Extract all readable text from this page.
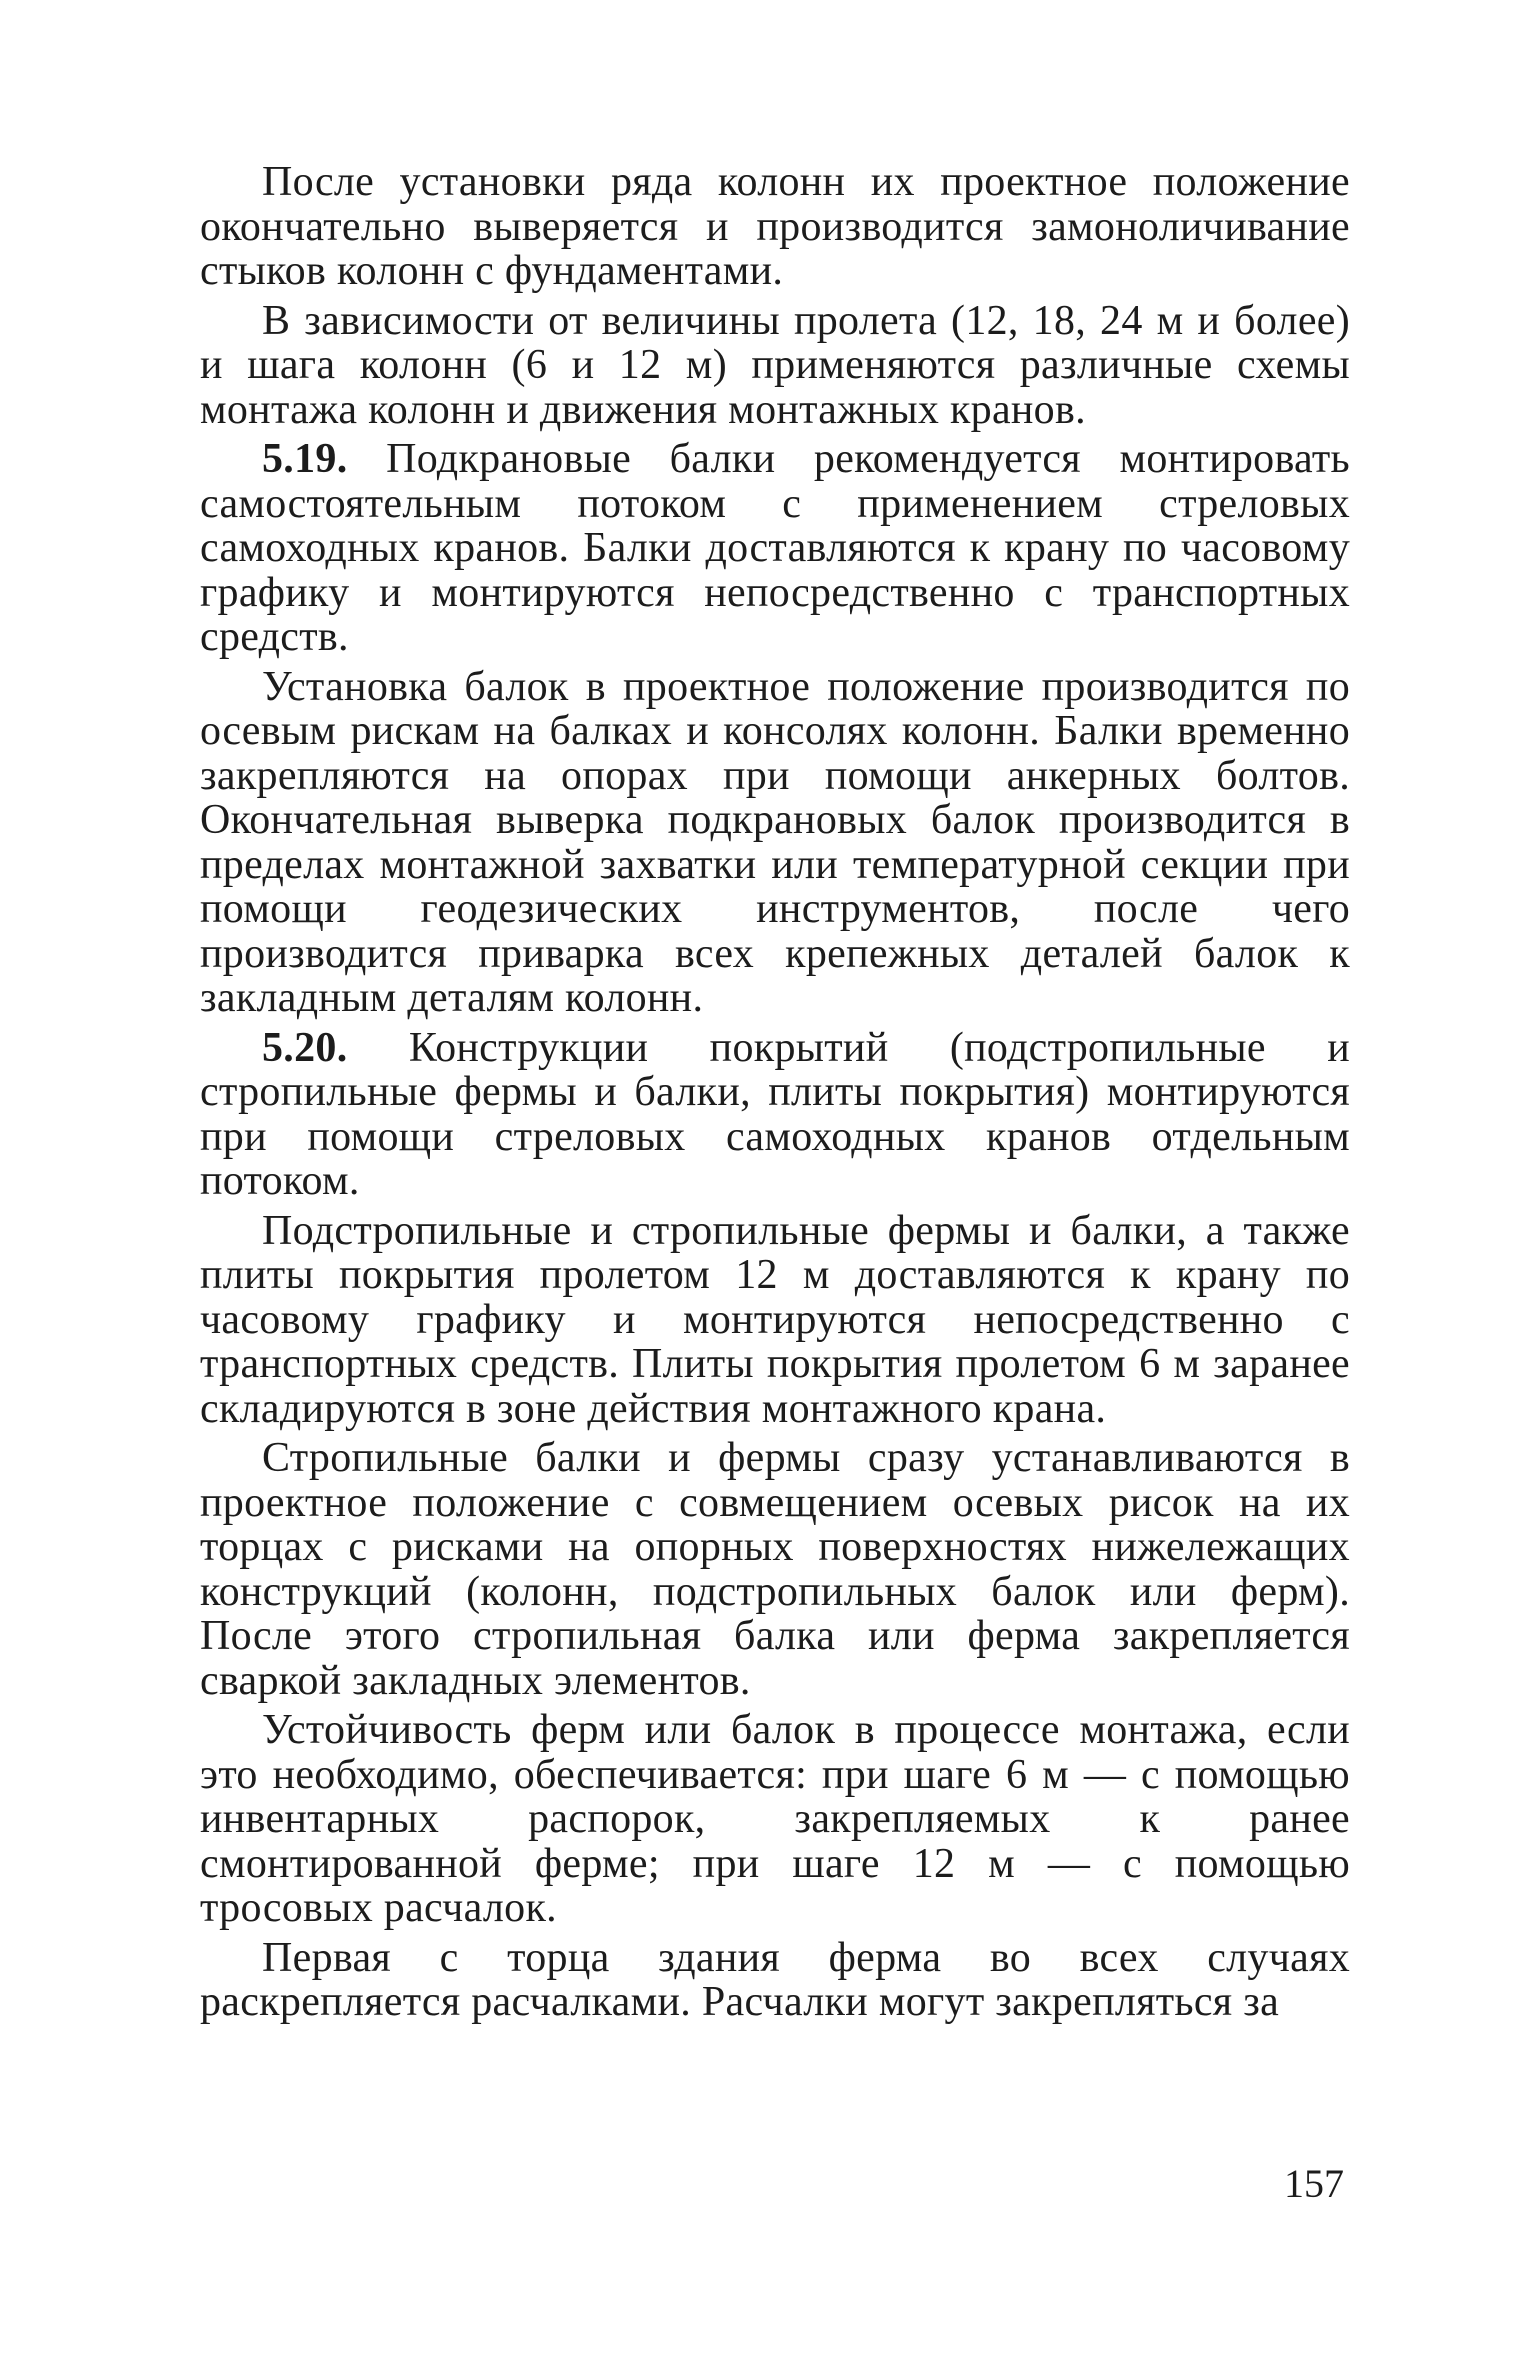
После установки ряда колонн их проектное положение окончательно выверяется и производится замоноличивание стыков колонн с фундаментами.

В зависимости от величины пролета (12, 18, 24 м и более) и шага колонн (6 и 12 м) применяются различные схемы монтажа колонн и движения монтажных кранов.

5.19. Подкрановые балки рекомендуется монтировать самостоятельным потоком с применением стреловых самоходных кранов. Балки доставляются к крану по часовому графику и монтируются непосредственно с транспортных средств.

Установка балок в проектное положение производится по осевым рискам на балках и консолях колонн. Балки временно закрепляются на опорах при помощи анкерных болтов. Окончательная выверка подкрановых балок производится в пределах монтажной захватки или температурной секции при помощи геодезических инструментов, после чего производится приварка всех крепежных деталей балок к закладным деталям колонн.

5.20. Конструкции покрытий (подстропильные и стропильные фермы и балки, плиты покрытия) монтируются при помощи стреловых самоходных кранов отдельным потоком.

Подстропильные и стропильные фермы и балки, а также плиты покрытия пролетом 12 м доставляются к крану по часовому графику и монтируются непосредственно с транспортных средств. Плиты покрытия пролетом 6 м заранее складируются в зоне действия монтажного крана.

Стропильные балки и фермы сразу устанавливаются в проектное положение с совмещением осевых рисок на их торцах с рисками на опорных поверхностях нижележащих конструкций (колонн, подстропильных балок или ферм). После этого стропильная балка или ферма закрепляется сваркой закладных элементов.

Устойчивость ферм или балок в процессе монтажа, если это необходимо, обеспечивается: при шаге 6 м — с помощью инвентарных распорок, закрепляемых к ранее смонтированной ферме; при шаге 12 м — с помощью тросовых расчалок.

Первая с торца здания ферма во всех случаях раскрепляется расчалками. Расчалки могут закрепляться за

157
